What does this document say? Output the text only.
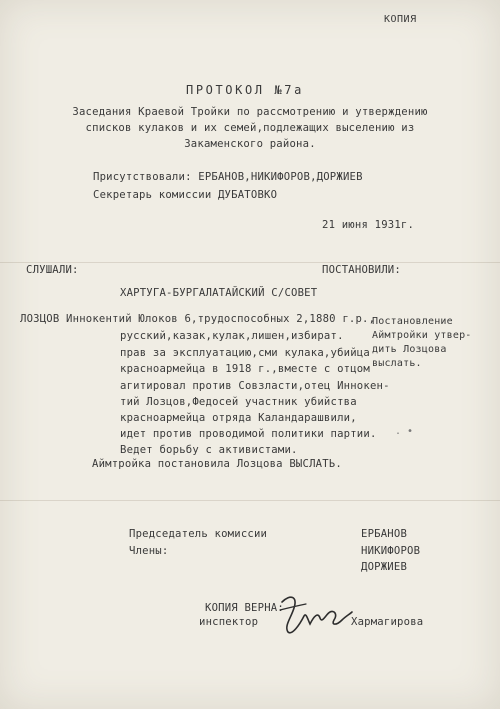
КОПИЯ
ПРОТОКОЛ №7а
Заседания Краевой Тройки по рассмотрению и утверждению
списков кулаков и их семей,подлежащих выселению из
Закаменского района.
Присутствовали: ЕРБАНОВ,НИКИФОРОВ,ДОРЖИЕВ
Секретарь комиссии ДУБАТОВКО
21 июня 1931г.
СЛУШАЛИ:	ПОСТАНОВИЛИ:
ХАРТУГА-БУРГАЛАТАЙСКИЙ С/СОВЕТ
ЛОЗЦОВ Иннокентий Юлоков 6,трудоспособных 2,1880 г.р.,
русский,казак,кулак,лишен,избират.
прав за эксплуатацию,сми кулака,убийца
красноармейца в 1918 г.,вместе с отцом
агитировал против Совзласти,отец Иннокен-
тий Лозцов,Федосей участник убийства
красноармейца отряда Каландарашвили,
идет против проводимой политики партии.
Ведет борьбу с активистами.
. •
Постановление
Аймтройки утвер-
дить Лозцова
выслать.
Аймтройка постановила Лозцова ВЫСЛАТЬ.
Председатель комиссии
Члены:
ЕРБАНОВ
НИКИФОРОВ
ДОРЖИЕВ
КОПИЯ ВЕРНА:
инспектор	Хармагирова
